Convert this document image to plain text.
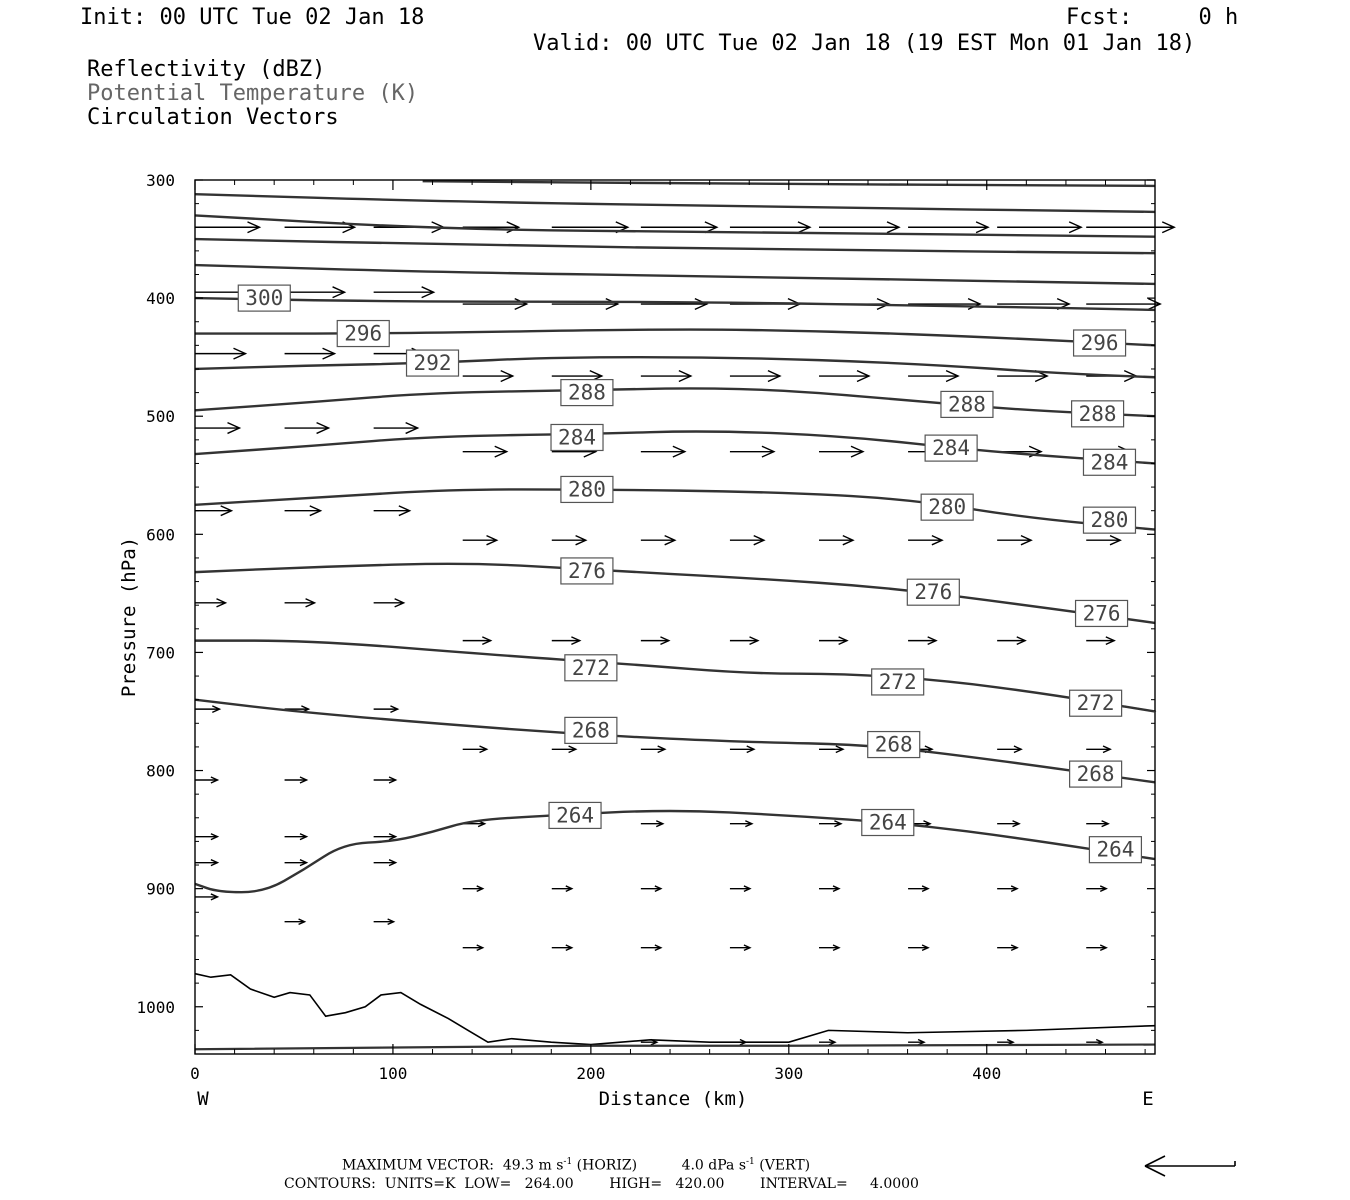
Init: 00 UTC Tue 02 Jan 18	Fcst:     0 h
Valid: 00 UTC Tue 02 Jan 18 (19 EST Mon 01 Jan 18)
Reflectivity (dBZ)
Potential Temperature (K)
Circulation Vectors
264	264
264
268
268
268
272
272
272
276
276
276
280
280
280
284	284
284
288	288	288
292
296	296
300
300
400
500
600
700
800
900
1000
0	100	200	300	400
Distance (km)
Pressure (hPa)
W	E
MAXIMUM VECTOR:  49.3 m $s^{-1}$ (HORIZ)          4.0 dPa $s^{-1}$ (VERT)
CONTOURS:  UNITS=K  LOW=   264.00        HIGH=   420.00        INTERVAL=     4.0000
